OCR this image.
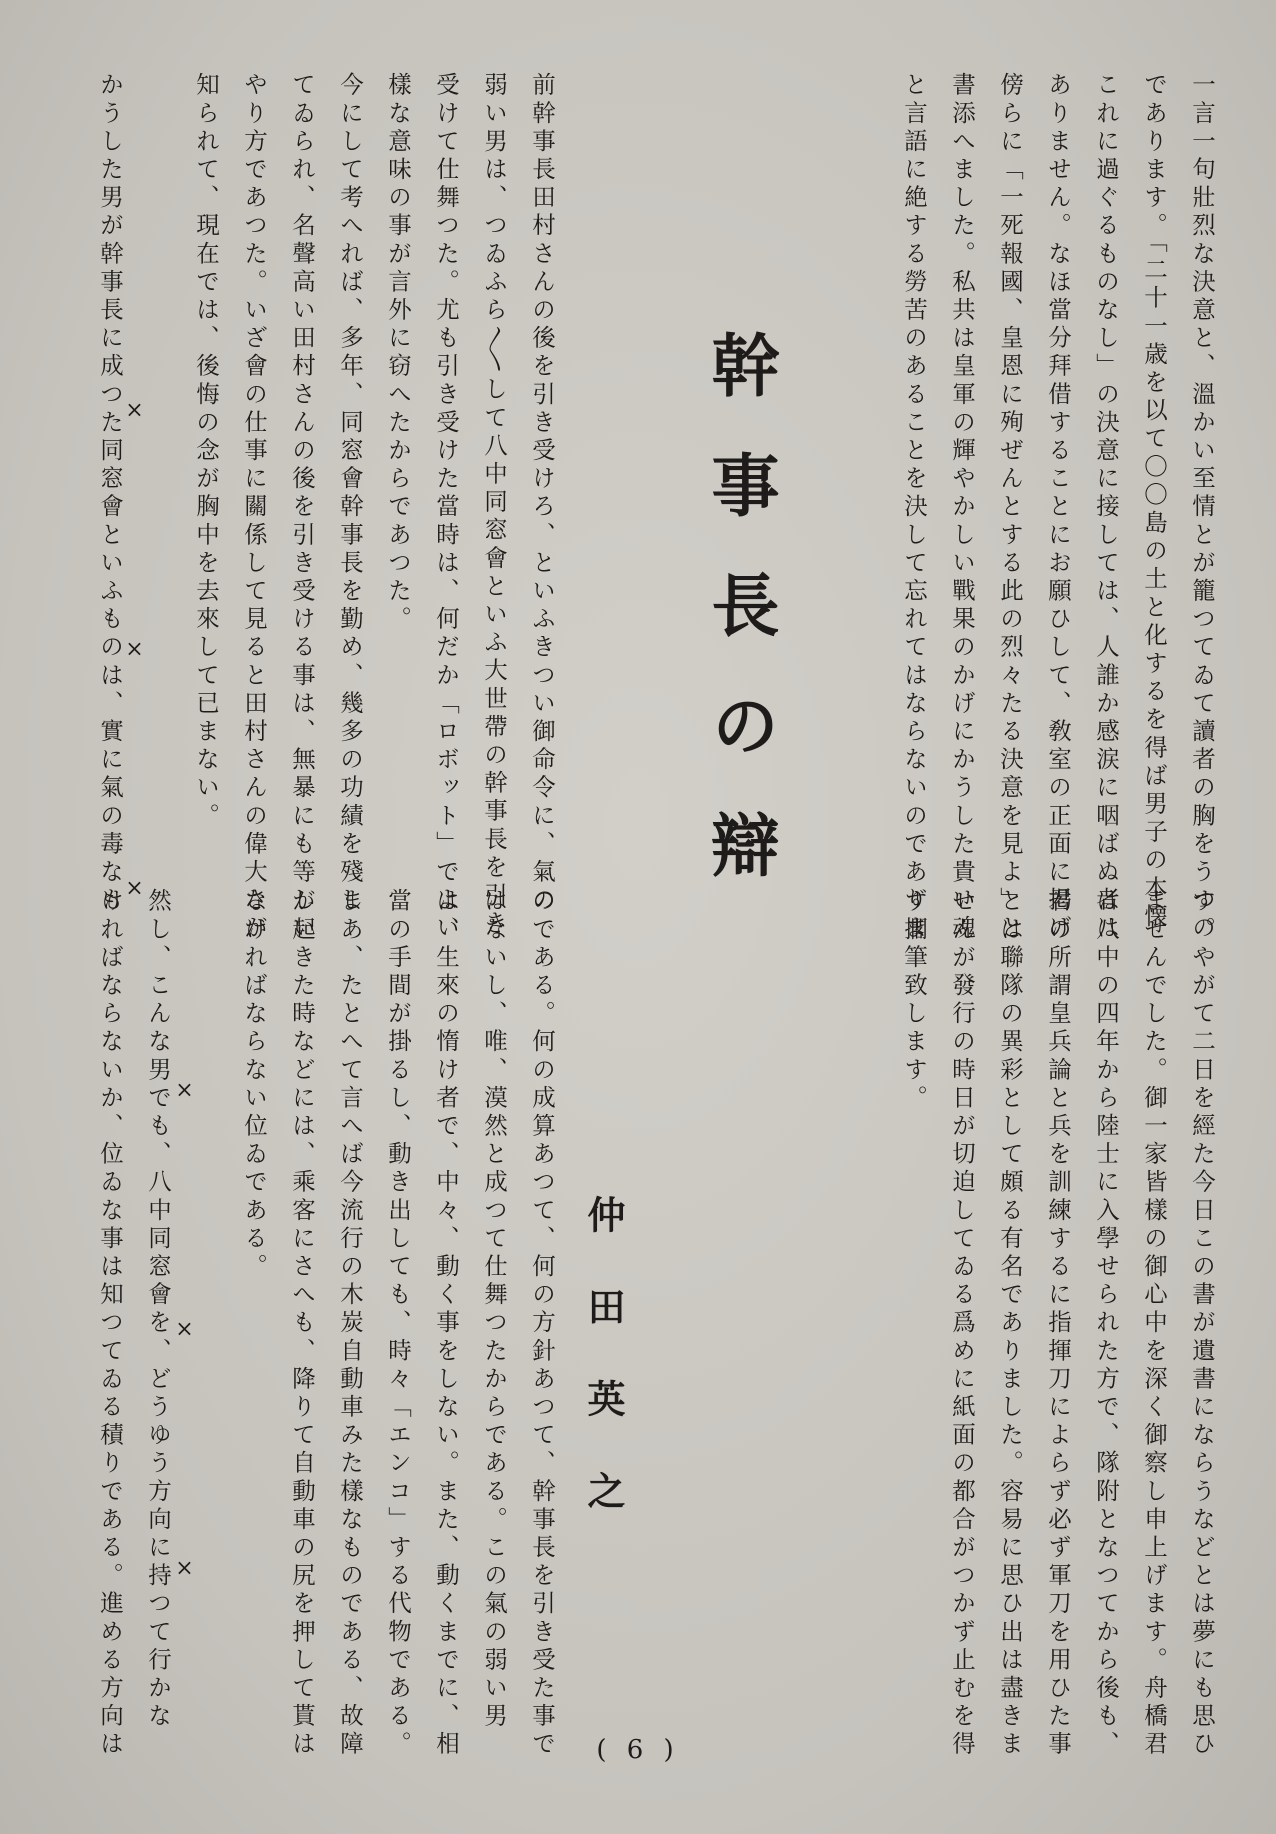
一言一句壯烈な決意と、溫かい至情とが籠つてゐて讀者の胸をうつの
であります。「二十一歳を以て〇〇島の土と化するを得ば男子の本懐
これに過ぐるものなし」の決意に接しては、人誰か感涙に咽ばぬ者は
ありません。なほ當分拜借することにお願ひして、敎室の正面に掲げ
傍らに「一死報國、皇恩に殉ぜんとする此の烈々たる決意を見よ」と
書添へました。私共は皇軍の輝やかしい戰果のかげにかうした貴い魂
と言語に絶する勞苦のあることを決して忘れてはならないのでありま
す。やがて二日を經た今日この書が遺書にならうなどとは夢にも思ひ
ませんでした。御一家皆樣の御心中を深く御察し申上げます。舟橋君
は八中の四年から陸士に入學せられた方で、隊附となつてから後も、
君の所謂皇兵論と兵を訓練するに指揮刀によらず必ず軍刀を用ひた事
とは聯隊の異彩として頗る有名でありました。容易に思ひ出は盡きま
せんが發行の時日が切迫してゐる爲めに紙面の都合がつかず止むを得
ず擱筆致します。
幹事長の辯
仲田英之
前幹事長田村さんの後を引き受けろ、といふきつい御命令に、氣の
弱い男は、つゐふら〳〵して八中同窓會といふ大世帶の幹事長を引き
受けて仕舞つた。尤も引き受けた當時は、何だか「ロボット」でよい
樣な意味の事が言外に窃へたからであつた。
今にして考へれば、多年、同窓會幹事長を勤め、幾多の功績を殘し
てゐられ、名聲高い田村さんの後を引き受ける事は、無暴にも等しい
やり方であつた。いざ會の仕事に關係して見ると田村さんの偉大さが
知られて、現在では、後悔の念が胸中を去來して已まない。

かうした男が幹事長に成つた同窓會といふものは、實に氣の毒なも
のである。何の成算あつて、何の方針あつて、幹事長を引き受た事で
はないし、唯、漠然と成つて仕舞つたからである。この氣の弱い男
は、生來の惰け者で、中々、動く事をしない。また、動くまでに、相
當の手間が掛るし、動き出しても、時々「エンコ」する代物である。
まあ、たとへて言へば今流行の木炭自動車みた樣なものである、故障
が起きた時などには、乘客にさへも、降りて自動車の尻を押して貰は
なければならない位ゐである。

然し、こんな男でも、八中同窓會を、どうゆう方向に持つて行かな
ければならないか、位ゐな事は知つてゐる積りである。進める方向は
×　×　×
×　×　×
( 6 )
